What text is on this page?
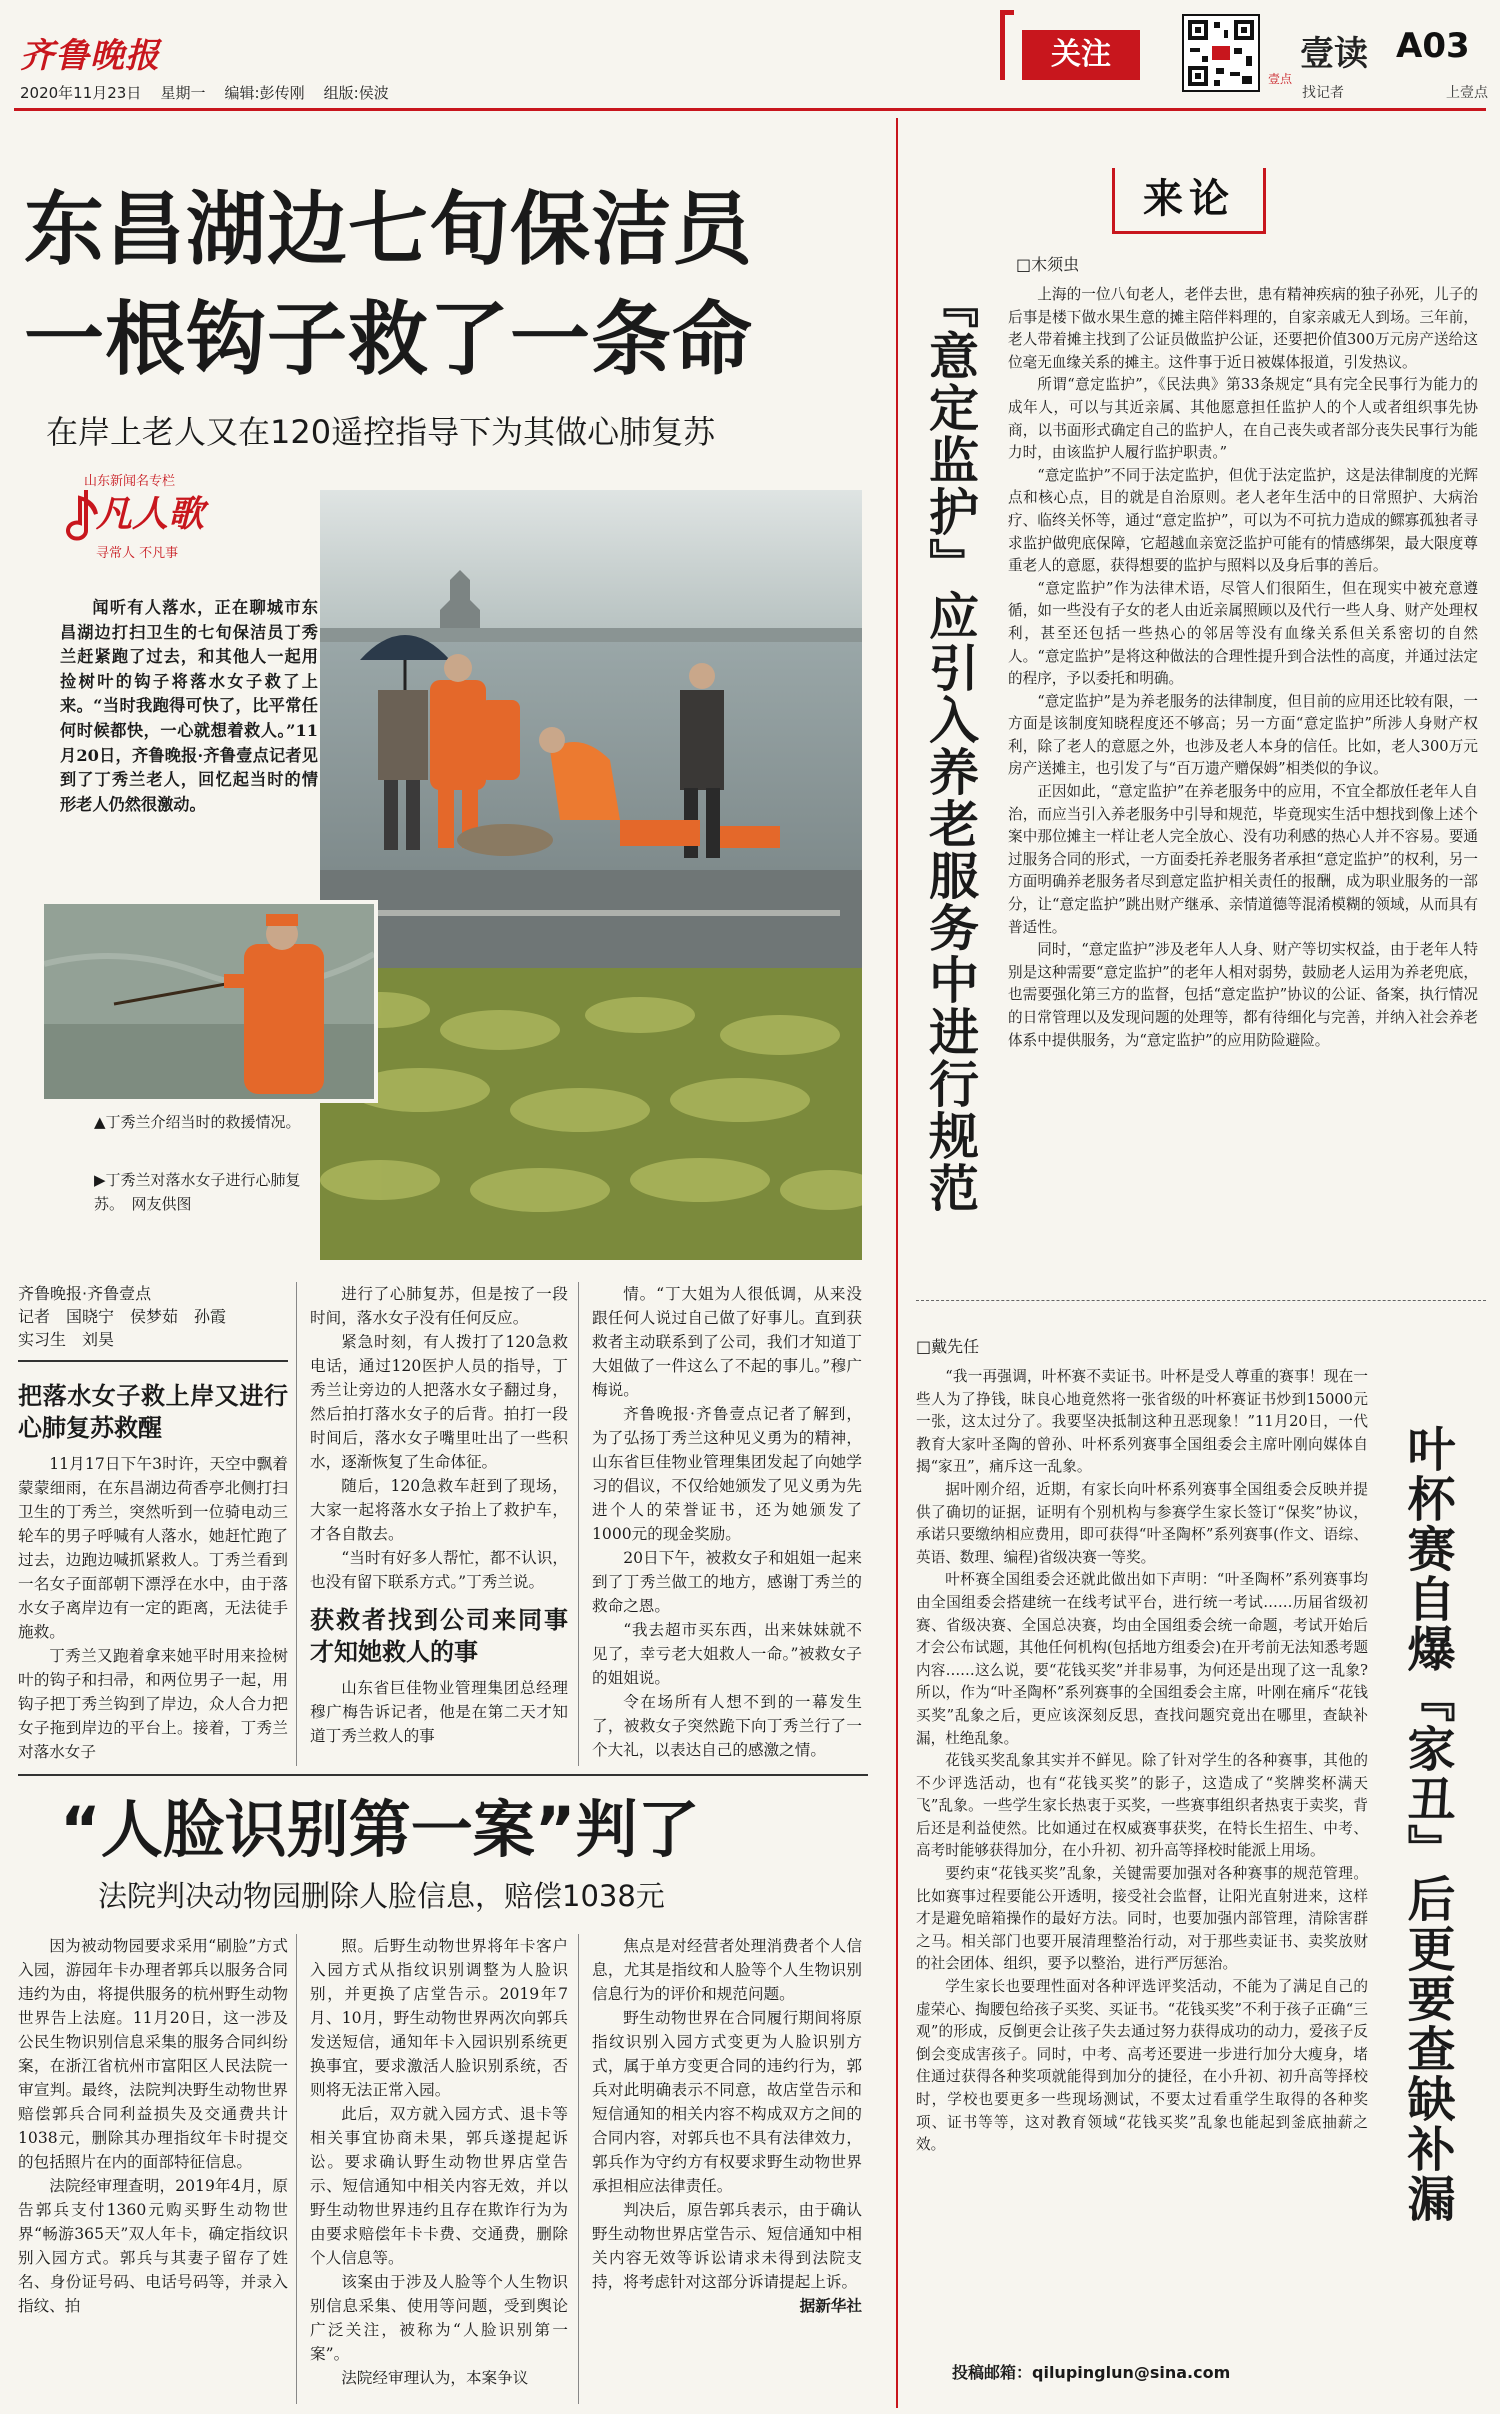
齐鲁晚报
2020年11月23日 星期一 编辑:彭传刚 组版:侯波
关注
壹点
壹读 A03
找记者	上壹点
东昌湖边七旬保洁员
一根钩子救了一条命
在岸上老人又在120遥控指导下为其做心肺复苏
山东新闻名专栏
凡人歌
寻常人 不凡事

闻听有人落水，正在聊城市东昌湖边打扫卫生的七旬保洁员丁秀兰赶紧跑了过去，和其他人一起用捡树叶的钩子将落水女子救了上来。“当时我跑得可快了，比平常任何时候都快，一心就想着救人。”11月20日，齐鲁晚报·齐鲁壹点记者见到了丁秀兰老人，回忆起当时的情形老人仍然很激动。

▲丁秀兰介绍当时的救援情况。
▶丁秀兰对落水女子进行心肺复苏。　网友供图
齐鲁晚报·齐鲁壹点
记者　国晓宁　侯梦茹　孙霞
实习生　刘昊
把落水女子救上岸又进行心肺复苏救醒

11月17日下午3时许，天空中飘着蒙蒙细雨，在东昌湖边荷香亭北侧打扫卫生的丁秀兰，突然听到一位骑电动三轮车的男子呼喊有人落水，她赶忙跑了过去，边跑边喊抓紧救人。丁秀兰看到一名女子面部朝下漂浮在水中，由于落水女子离岸边有一定的距离，无法徒手施救。

丁秀兰又跑着拿来她平时用来捡树叶的钩子和扫帚，和两位男子一起，用钩子把丁秀兰钩到了岸边，众人合力把女子拖到岸边的平台上。接着，丁秀兰对落水女子

进行了心肺复苏，但是按了一段时间，落水女子没有任何反应。

紧急时刻，有人拨打了120急救电话，通过120医护人员的指导，丁秀兰让旁边的人把落水女子翻过身，然后拍打落水女子的后背。拍打一段时间后，落水女子嘴里吐出了一些积水，逐渐恢复了生命体征。

随后，120急救车赶到了现场，大家一起将落水女子抬上了救护车，才各自散去。

“当时有好多人帮忙，都不认识，也没有留下联系方式。”丁秀兰说。

获救者找到公司来同事才知她救人的事

山东省巨佳物业管理集团总经理穆广梅告诉记者，他是在第二天才知道丁秀兰救人的事

情。“丁大姐为人很低调，从来没跟任何人说过自己做了好事儿。直到获救者主动联系到了公司，我们才知道丁大姐做了一件这么了不起的事儿。”穆广梅说。

齐鲁晚报·齐鲁壹点记者了解到，为了弘扬丁秀兰这种见义勇为的精神，山东省巨佳物业管理集团发起了向她学习的倡议，不仅给她颁发了见义勇为先进个人的荣誉证书，还为她颁发了1000元的现金奖励。

20日下午，被救女子和姐姐一起来到了丁秀兰做工的地方，感谢丁秀兰的救命之恩。

“我去超市买东西，出来妹妹就不见了，幸亏老大姐救人一命。”被救女子的姐姐说。

令在场所有人想不到的一幕发生了，被救女子突然跪下向丁秀兰行了一个大礼，以表达自己的感激之情。

“人脸识别第一案”判了
法院判决动物园删除人脸信息，赔偿1038元

因为被动物园要求采用“刷脸”方式入园，游园年卡办理者郭兵以服务合同违约为由，将提供服务的杭州野生动物世界告上法庭。11月20日，这一涉及公民生物识别信息采集的服务合同纠纷案，在浙江省杭州市富阳区人民法院一审宣判。最终，法院判决野生动物世界赔偿郭兵合同利益损失及交通费共计1038元，删除其办理指纹年卡时提交的包括照片在内的面部特征信息。

法院经审理查明，2019年4月，原告郭兵支付1360元购买野生动物世界“畅游365天”双人年卡，确定指纹识别入园方式。郭兵与其妻子留存了姓名、身份证号码、电话号码等，并录入指纹、拍

照。后野生动物世界将年卡客户入园方式从指纹识别调整为人脸识别，并更换了店堂告示。2019年7月、10月，野生动物世界两次向郭兵发送短信，通知年卡入园识别系统更换事宜，要求激活人脸识别系统，否则将无法正常入园。

此后，双方就入园方式、退卡等相关事宜协商未果，郭兵遂提起诉讼。要求确认野生动物世界店堂告示、短信通知中相关内容无效，并以野生动物世界违约且存在欺诈行为为由要求赔偿年卡卡费、交通费，删除个人信息等。

该案由于涉及人脸等个人生物识别信息采集、使用等问题，受到舆论广泛关注，被称为“人脸识别第一案”。

法院经审理认为，本案争议

焦点是对经营者处理消费者个人信息，尤其是指纹和人脸等个人生物识别信息行为的评价和规范问题。

野生动物世界在合同履行期间将原指纹识别入园方式变更为人脸识别方式，属于单方变更合同的违约行为，郭兵对此明确表示不同意，故店堂告示和短信通知的相关内容不构成双方之间的合同内容，对郭兵也不具有法律效力，郭兵作为守约方有权要求野生动物世界承担相应法律责任。

判决后，原告郭兵表示，由于确认野生动物世界店堂告示、短信通知中相关内容无效等诉讼请求未得到法院支持，将考虑针对这部分诉请提起上诉。

据新华社
来论
□木须虫
『意定监护』应引入养老服务中进行规范	上海的一位八旬老人，老伴去世，患有精神疾病的独子孙死，儿子的后事是楼下做水果生意的摊主陪伴料理的，自家亲戚无人到场。三年前，老人带着摊主找到了公证员做监护公证，还要把价值300万元房产送给这位毫无血缘关系的摊主。这件事于近日被媒体报道，引发热议。

所谓“意定监护”，《民法典》第33条规定“具有完全民事行为能力的成年人，可以与其近亲属、其他愿意担任监护人的个人或者组织事先协商，以书面形式确定自己的监护人，在自己丧失或者部分丧失民事行为能力时，由该监护人履行监护职责。”

“意定监护”不同于法定监护，但优于法定监护，这是法律制度的光辉点和核心点，目的就是自治原则。老人老年生活中的日常照护、大病治疗、临终关怀等，通过“意定监护”，可以为不可抗力造成的鳏寡孤独者寻求监护做兜底保障，它超越血亲宽泛监护可能有的情感绑架，最大限度尊重老人的意愿，获得想要的监护与照料以及身后事的善后。

“意定监护”作为法律术语，尽管人们很陌生，但在现实中被充意遵循，如一些没有子女的老人由近亲属照顾以及代行一些人身、财产处理权利，甚至还包括一些热心的邻居等没有血缘关系但关系密切的自然人。“意定监护”是将这种做法的合理性提升到合法性的高度，并通过法定的程序，予以委托和明确。

“意定监护”是为养老服务的法律制度，但目前的应用还比较有限，一方面是该制度知晓程度还不够高；另一方面“意定监护”所涉人身财产权利，除了老人的意愿之外，也涉及老人本身的信任。比如，老人300万元房产送摊主，也引发了与“百万遗产赠保姆”相类似的争议。

正因如此，“意定监护”在养老服务中的应用，不宜全都放任老年人自治，而应当引入养老服务中引导和规范，毕竟现实生活中想找到像上述个案中那位摊主一样让老人完全放心、没有功利感的热心人并不容易。要通过服务合同的形式，一方面委托养老服务者承担“意定监护”的权利，另一方面明确养老服务者尽到意定监护相关责任的报酬，成为职业服务的一部分，让“意定监护”跳出财产继承、亲情道德等混淆模糊的领域，从而具有普适性。

同时，“意定监护”涉及老年人人身、财产等切实权益，由于老年人特别是这种需要“意定监护”的老年人相对弱势，鼓励老人运用为养老兜底，也需要强化第三方的监督，包括“意定监护”协议的公证、备案，执行情况的日常管理以及发现问题的处理等，都有待细化与完善，并纳入社会养老体系中提供服务，为“意定监护”的应用防险避险。

□戴先任

“我一再强调，叶杯赛不卖证书。叶杯是受人尊重的赛事！现在一些人为了挣钱，昧良心地竟然将一张省级的叶杯赛证书炒到15000元一张，这太过分了。我要坚决抵制这种丑恶现象！”11月20日，一代教育大家叶圣陶的曾孙、叶杯系列赛事全国组委会主席叶刚向媒体自揭“家丑”，痛斥这一乱象。

据叶刚介绍，近期，有家长向叶杯系列赛事全国组委会反映并提供了确切的证据，证明有个别机构与参赛学生家长签订“保奖”协议，承诺只要缴纳相应费用，即可获得“叶圣陶杯”系列赛事(作文、语综、英语、数理、编程)省级决赛一等奖。

叶杯赛全国组委会还就此做出如下声明：“叶圣陶杯”系列赛事均由全国组委会搭建统一在线考试平台，进行统一考试……历届省级初赛、省级决赛、全国总决赛，均由全国组委会统一命题，考试开始后才会公布试题，其他任何机构(包括地方组委会)在开考前无法知悉考题内容……这么说，要“花钱买奖”并非易事，为何还是出现了这一乱象?所以，作为“叶圣陶杯”系列赛事的全国组委会主席，叶刚在痛斥“花钱买奖”乱象之后，更应该深刻反思，查找问题究竟出在哪里，查缺补漏，杜绝乱象。

花钱买奖乱象其实并不鲜见。除了针对学生的各种赛事，其他的不少评选活动，也有“花钱买奖”的影子，这造成了“奖牌奖杯满天飞”乱象。一些学生家长热衷于买奖，一些赛事组织者热衷于卖奖，背后还是利益使然。比如通过在权威赛事获奖，在特长生招生、中考、高考时能够获得加分，在小升初、初升高等择校时能派上用场。

要约束“花钱买奖”乱象，关键需要加强对各种赛事的规范管理。比如赛事过程要能公开透明，接受社会监督，让阳光直射进来，这样才是避免暗箱操作的最好方法。同时，也要加强内部管理，清除害群之马。相关部门也要开展清理整治行动，对于那些卖证书、卖奖放财的社会团体、组织，要予以整治，进行严厉惩治。

学生家长也要理性面对各种评选评奖活动，不能为了满足自己的虚荣心、掏腰包给孩子买奖、买证书。“花钱买奖”不利于孩子正确“三观”的形成，反倒更会让孩子失去通过努力获得成功的动力，爱孩子反倒会变成害孩子。同时，中考、高考还要进一步进行加分大瘦身，堵住通过获得各种奖项就能得到加分的捷径，在小升初、初升高等择校时，学校也要更多一些现场测试，不要太过看重学生取得的各种奖项、证书等等，这对教育领域“花钱买奖”乱象也能起到釜底抽薪之效。	叶杯赛自爆『家丑』后更要查缺补漏
投稿邮箱：qilupinglun@sina.com
